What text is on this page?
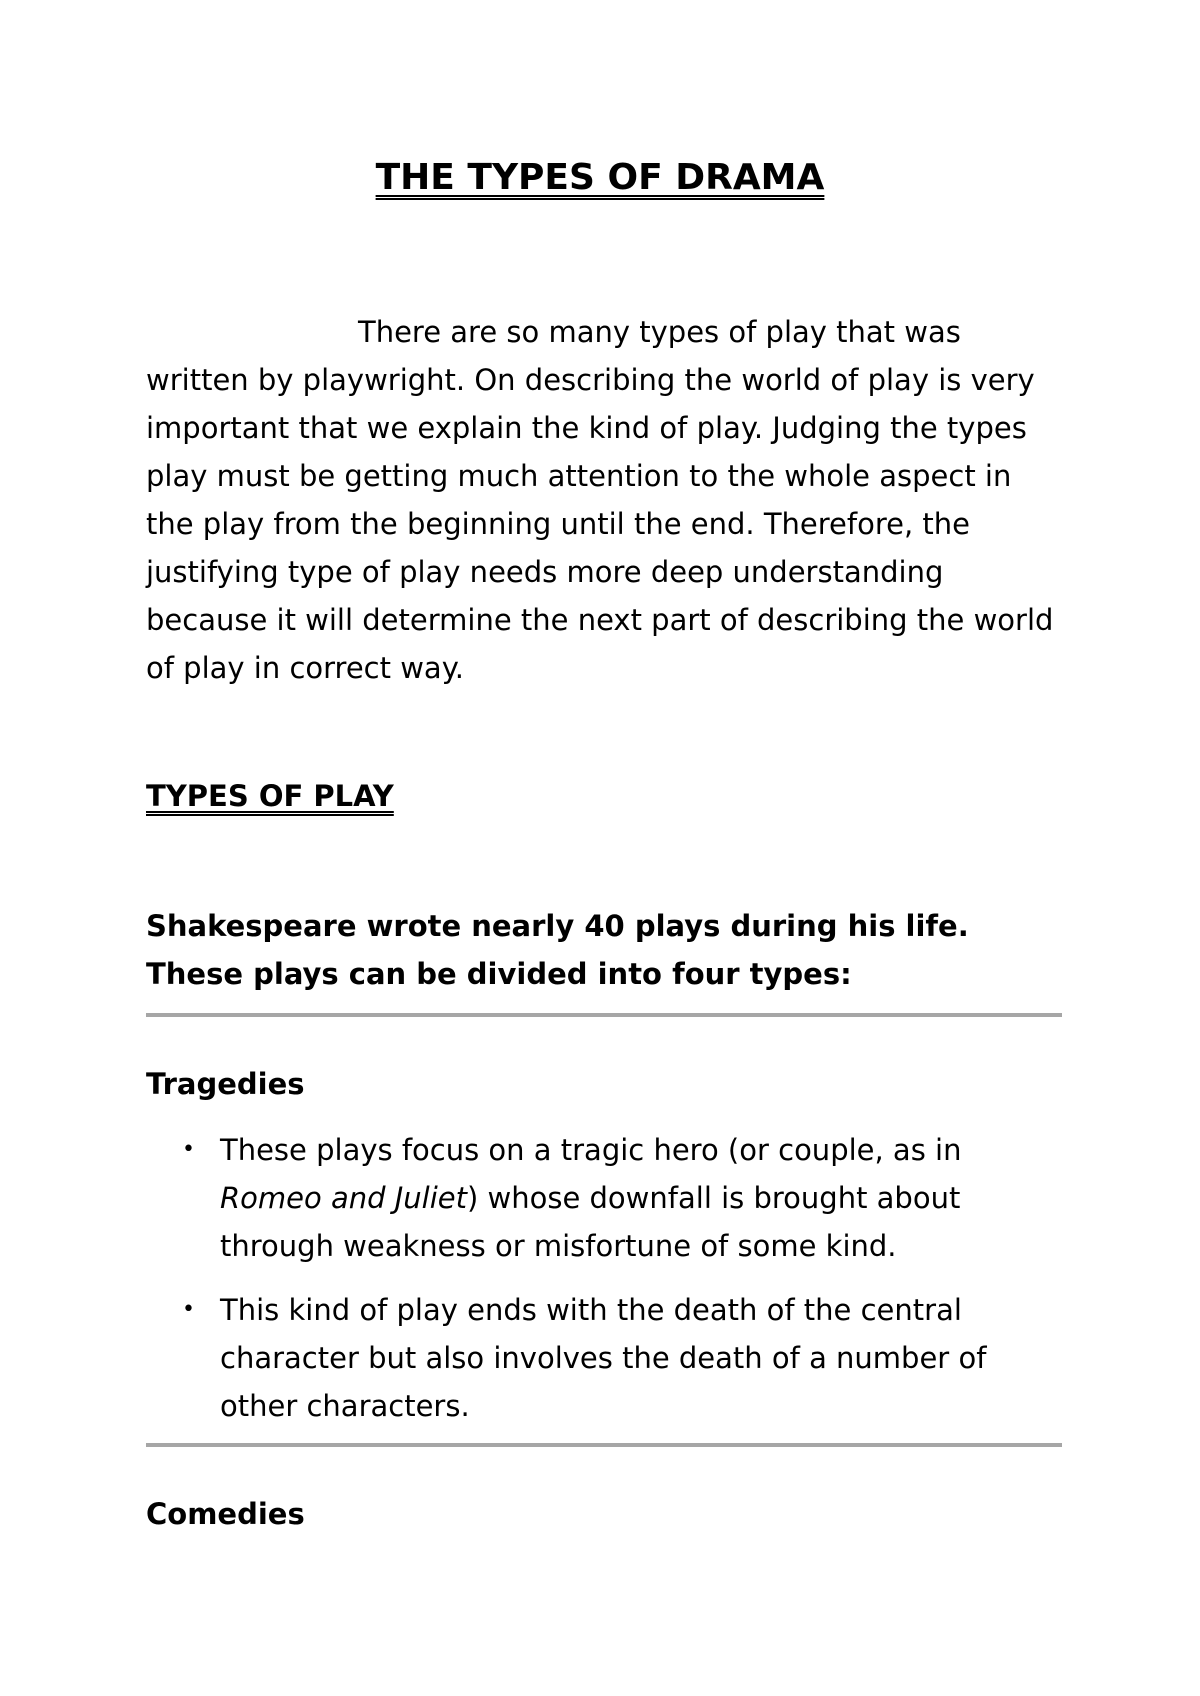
THE TYPES OF DRAMA

There are so many types of play that was written by playwright. On describing the world of play is very important that we explain the kind of play. Judging the types play must be getting much attention to the whole aspect in the play from the beginning until the end. Therefore, the justifying type of play needs more deep understanding because it will determine the next part of describing the world of play in correct way.

TYPES OF PLAY
Shakespeare wrote nearly 40 plays during his life.
These plays can be divided into four types:
Tragedies
• These plays focus on a tragic hero (or couple, as in Romeo and Juliet) whose downfall is brought about through weakness or misfortune of some kind.
• This kind of play ends with the death of the central character but also involves the death of a number of other characters.
Comedies
